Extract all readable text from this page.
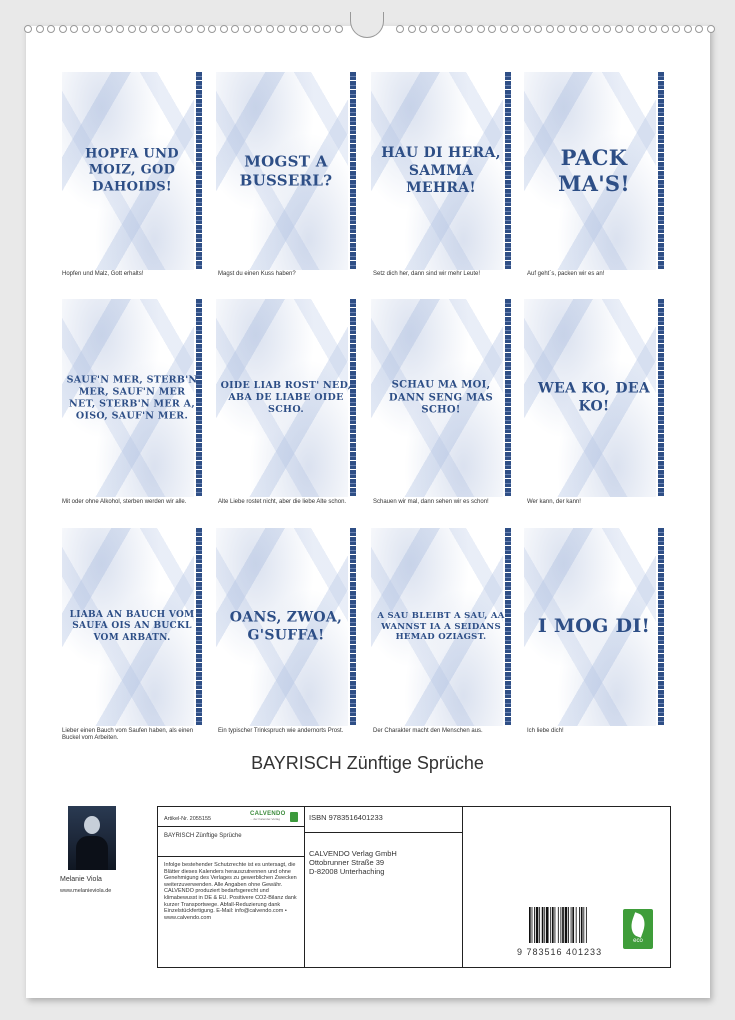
HOPFA UND MOIZ, GOD DAHOIDS!
Hopfen und Malz, Gott erhalts!
MOGST A BUSSERL?
Magst du einen Kuss haben?
HAU DI HERA, SAMMA MEHRA!
Setz dich her, dann sind wir mehr Leute!
PACK MA'S!
Auf geht´s, packen wir es an!
SAUF'N MER, STERB'N MER, SAUF'N MER NET, STERB'N MER A, OISO, SAUF'N MER.
Mit oder ohne Alkohol, sterben werden wir alle.
OIDE LIAB ROST' NED, ABA DE LIABE OIDE SCHO.
Alte Liebe rostet nicht, aber die liebe Alte schon.
SCHAU MA MOI, DANN SENG MAS SCHO!
Schauen wir mal, dann sehen wir es schon!
WEA KO, DEA KO!
Wer kann, der kann!
LIABA AN BAUCH VOM SAUFA OIS AN BUCKL VOM ARBATN.
Lieber einen Bauch vom Saufen haben, als einen Buckel vom Arbeiten.
OANS, ZWOA, G'SUFFA!
Ein typischer Trinkspruch wie andernorts Prost.
A SAU BLEIBT A SAU, AA WANNST IA A SEIDANS HEMAD OZIAGST.
Der Charakter macht den Menschen aus.
I MOG DI!
Ich liebe dich!
BAYRISCH Zünftige Sprüche
Melanie Viola
www.melanieviola.de
Artikel-Nr. 2055155
CALVENDO
... der Kalender-Verlag
BAYRISCH Zünftige Sprüche
Infolge bestehender Schutzrechte ist es untersagt, die Blätter dieses Kalenders herauszutrennen und ohne Genehmigung des Verlages zu gewerblichen Zwecken weiterzuverwenden. Alle Angaben ohne Gewähr. CALVENDO produziert bedarfsgerecht und klimabewusst in DE & EU. Positivere CO2-Bilanz dank kurzer Transportwege. Abfall-Reduzierung dank Einzelstückfertigung. E-Mail: info@calvendo.com • www.calvendo.com
ISBN 9783516401233
CALVENDO Verlag GmbH
Ottobrunner Straße 39
D-82008 Unterhaching
9 783516 401233
eco
